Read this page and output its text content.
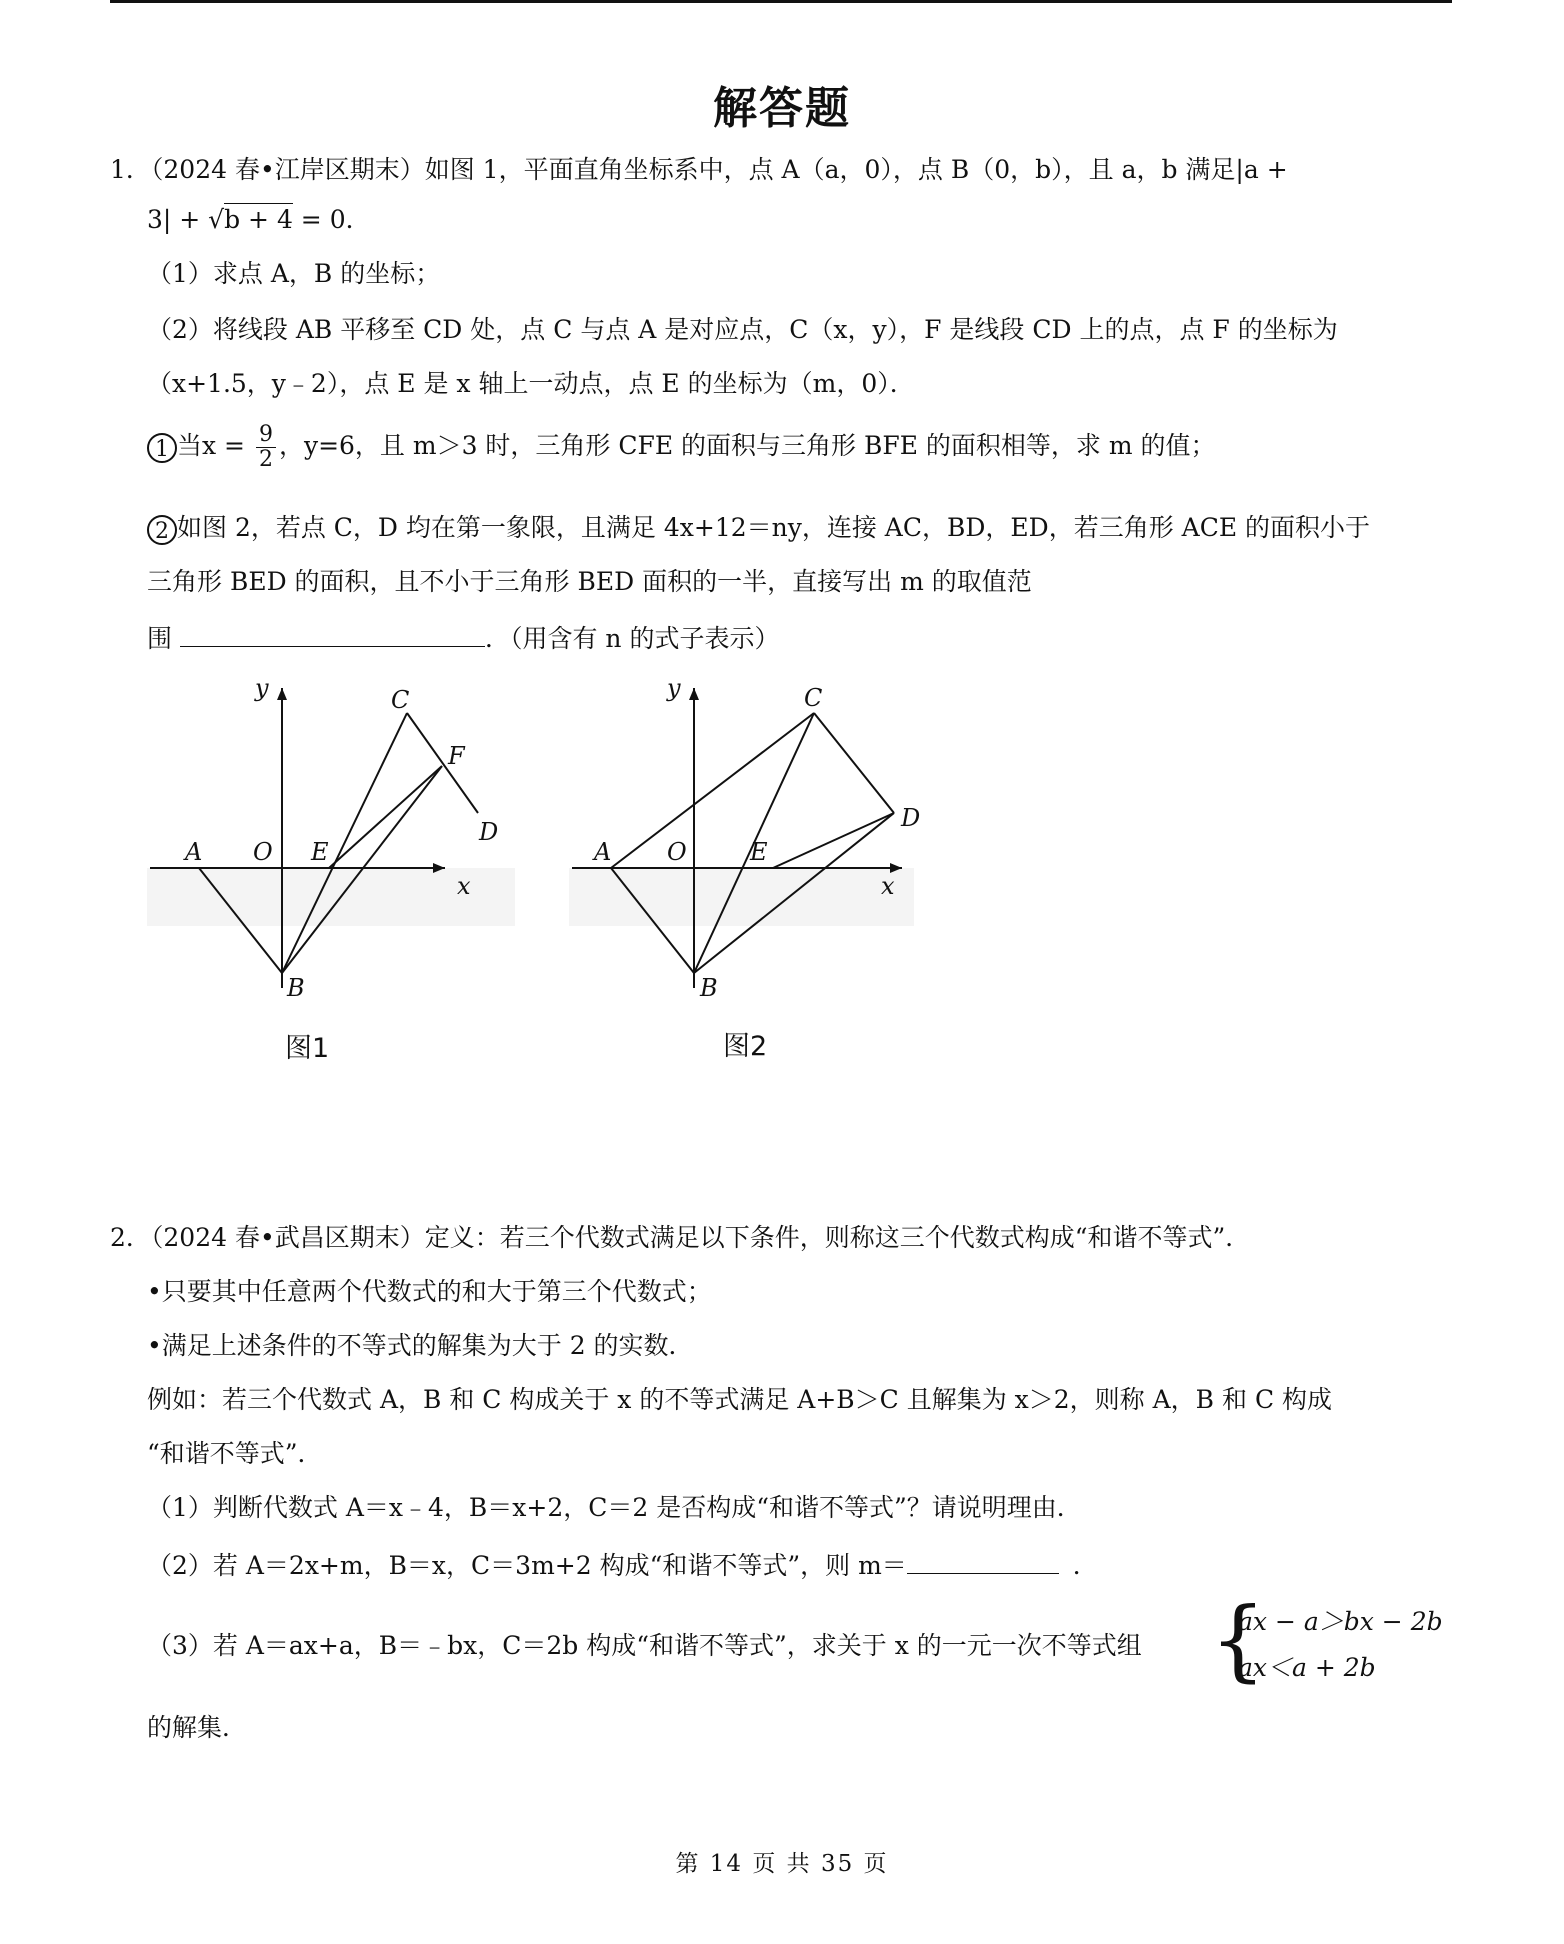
解答题
1．（2024 春•江岸区期末）如图 1，平面直角坐标系中，点 A（a，0），点 B（0，b），且 a，b 满足|a +
3| + √b + 4 = 0．
（1）求点 A，B 的坐标；
（2）将线段 AB 平移至 CD 处，点 C 与点 A 是对应点，C（x，y），F 是线段 CD 上的点，点 F 的坐标为
（x+1.5，y﹣2），点 E 是 x 轴上一动点，点 E 的坐标为（m，0）．
1 当$x = \frac{9}{2}$ ，y=6，且 m＞3 时，三角形 CFE 的面积与三角形 BFE 的面积相等，求 m 的值；
2 如图 2，若点 C，D 均在第一象限，且满足 4x+12＝ny，连接 AC，BD，ED，若三角形 ACE 的面积小于
三角形 BED 的面积，且不小于三角形 BED 面积的一半，直接写出 m 的取值范
围	．（用含有 n 的式子表示）
y
x
A O E
B
C
F
D
图1
y
x
A O	E
B
C
D
图2
2．（2024 春•武昌区期末）定义：若三个代数式满足以下条件，则称这三个代数式构成“和谐不等式”．
•只要其中任意两个代数式的和大于第三个代数式；
•满足上述条件的不等式的解集为大于 2 的实数．
例如：若三个代数式 A，B 和 C 构成关于 x 的不等式满足 A+B＞C 且解集为 x＞2，则称 A，B 和 C 构成
“和谐不等式”．
（1）判断代数式 A＝x﹣4，B＝x+2，C＝2 是否构成“和谐不等式”？请说明理由．
（2）若 A＝2x+m，B＝x，C＝3m+2 构成“和谐不等式”，则 m＝	．
（3）若 A＝ax+a，B＝﹣bx，C＝2b 构成“和谐不等式”，求关于 x 的一元一次不等式组 {
ax − a＞bx − 2b
ax＜a + 2b
的解集．
第 14 页 共 35 页
